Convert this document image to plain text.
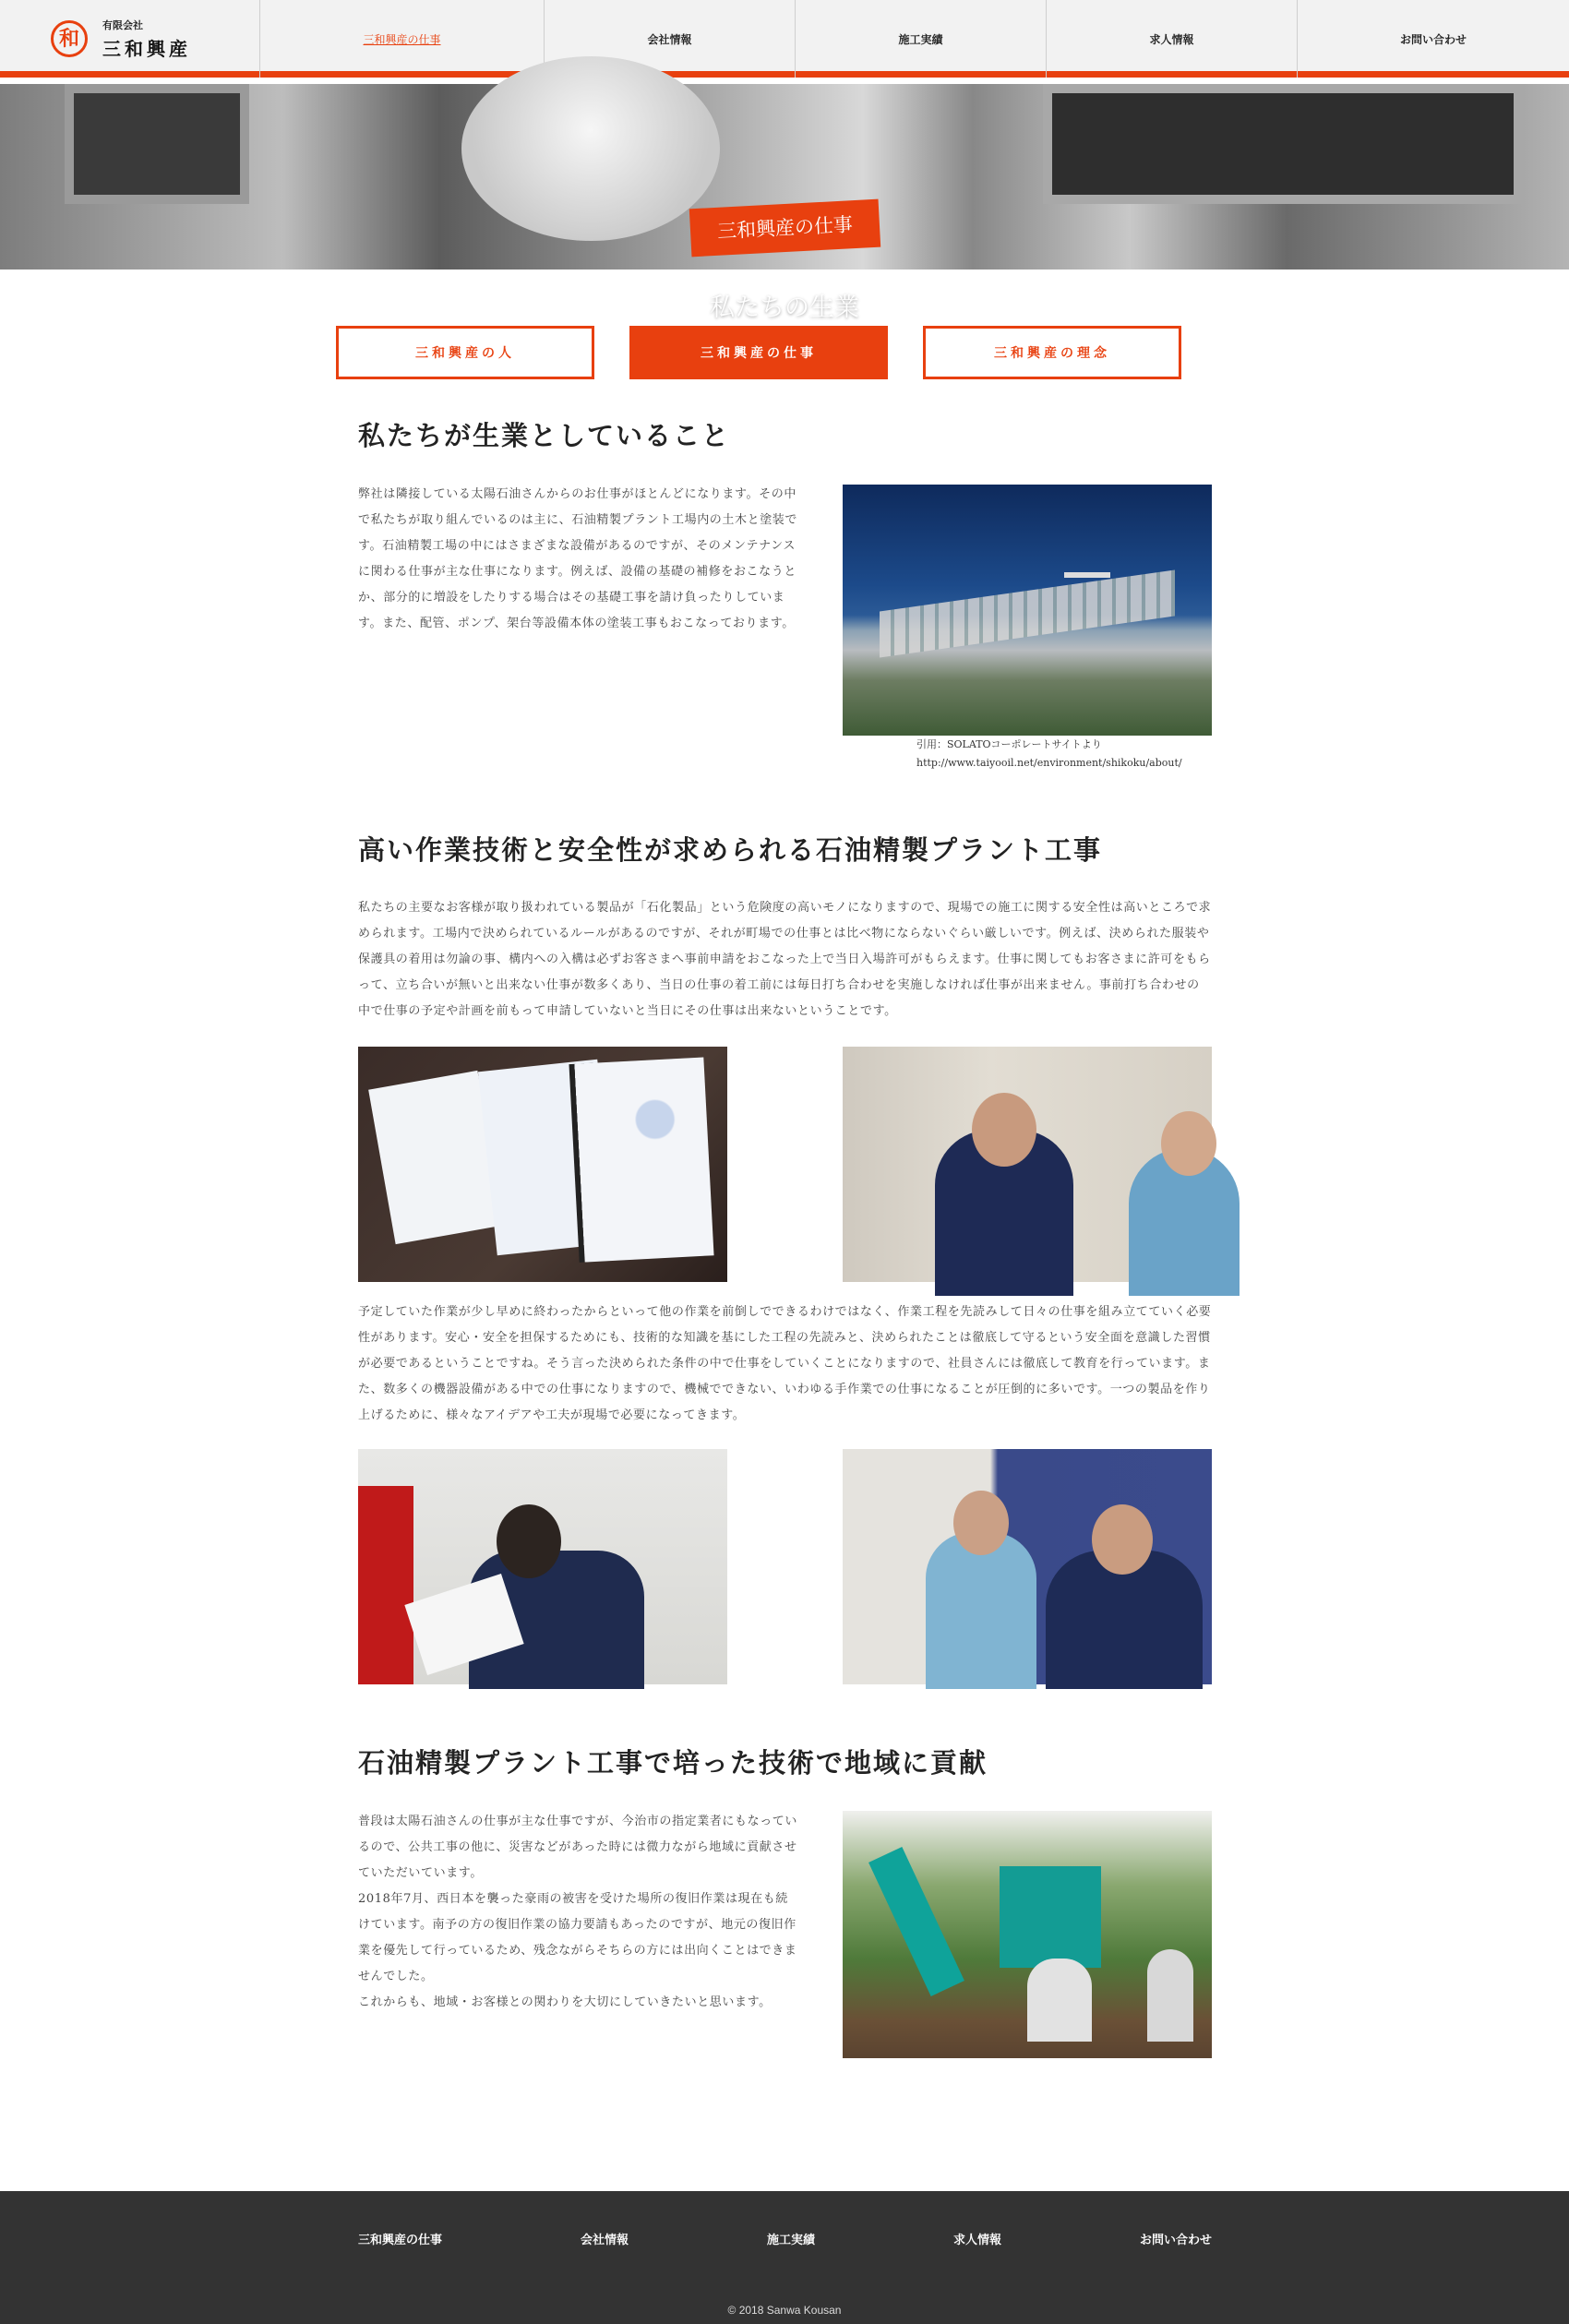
和
有限会社
三和興産	三和興産の仕事	会社情報	施工実績	求人情報	お問い合わせ
三和興産の仕事
私たちの生業
三和興産の人	三和興産の仕事	三和興産の理念
私たちが生業としていること

弊社は隣接している太陽石油さんからのお仕事がほとんどになります。その中で私たちが取り組んでいるのは主に、石油精製プラント工場内の土木と塗装です。石油精製工場の中にはさまざまな設備があるのですが、そのメンテナンスに関わる仕事が主な仕事になります。例えば、設備の基礎の補修をおこなうとか、部分的に増設をしたりする場合はその基礎工事を請け負ったりしています。また、配管、ポンプ、架台等設備本体の塗装工事もおこなっております。

引用：SOLATOコーポレートサイトより
http://www.taiyooil.net/environment/shikoku/about/
高い作業技術と安全性が求められる石油精製プラント工事

私たちの主要なお客様が取り扱われている製品が「石化製品」という危険度の高いモノになりますので、現場での施工に関する安全性は高いところで求められます。工場内で決められているルールがあるのですが、それが町場での仕事とは比べ物にならないぐらい厳しいです。例えば、決められた服装や保護具の着用は勿論の事、構内への入構は必ずお客さまへ事前申請をおこなった上で当日入場許可がもらえます。仕事に関してもお客さまに許可をもらって、立ち合いが無いと出来ない仕事が数多くあり、当日の仕事の着工前には毎日打ち合わせを実施しなければ仕事が出来ません。事前打ち合わせの中で仕事の予定や計画を前もって申請していないと当日にその仕事は出来ないということです。

予定していた作業が少し早めに終わったからといって他の作業を前倒しでできるわけではなく、作業工程を先読みして日々の仕事を組み立てていく必要性があります。安心・安全を担保するためにも、技術的な知識を基にした工程の先読みと、決められたことは徹底して守るという安全面を意識した習慣が必要であるということですね。そう言った決められた条件の中で仕事をしていくことになりますので、社員さんには徹底して教育を行っています。また、数多くの機器設備がある中での仕事になりますので、機械でできない、いわゆる手作業での仕事になることが圧倒的に多いです。一つの製品を作り上げるために、様々なアイデアや工夫が現場で必要になってきます。

石油精製プラント工事で培った技術で地域に貢献

普段は太陽石油さんの仕事が主な仕事ですが、今治市の指定業者にもなっているので、公共工事の他に、災害などがあった時には微力ながら地域に貢献させていただいています。

2018年7月、西日本を襲った豪雨の被害を受けた場所の復旧作業は現在も続けています。南予の方の復旧作業の協力要請もあったのですが、地元の復旧作業を優先して行っているため、残念ながらそちらの方には出向くことはできませんでした。

これからも、地域・お客様との関わりを大切にしていきたいと思います。

三和興産の仕事	会社情報	施工実績	求人情報	お問い合わせ
© 2018 Sanwa Kousan
